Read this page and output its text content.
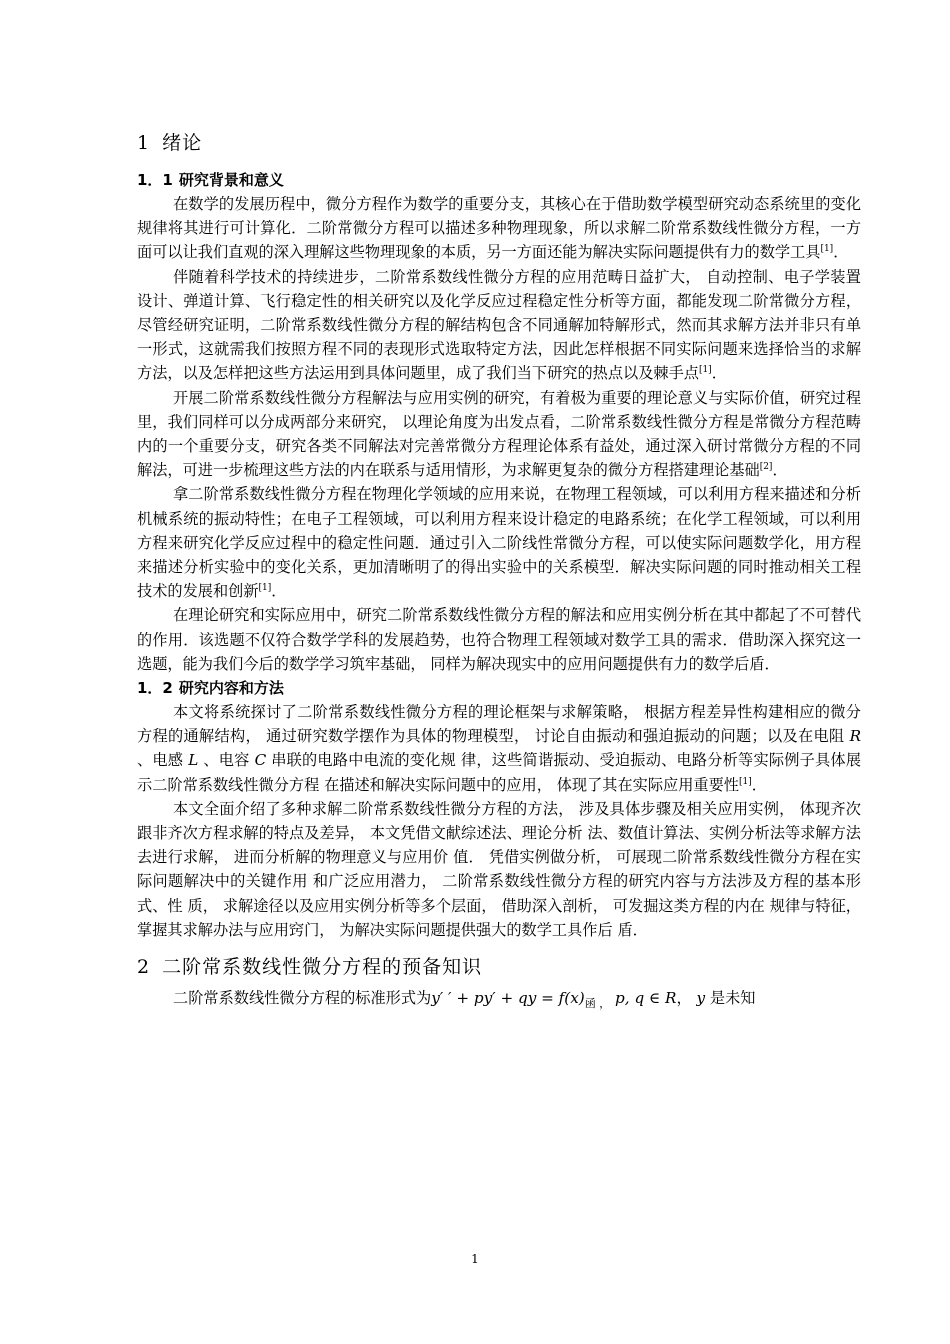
1 绪论
1．1 研究背景和意义

在数学的发展历程中，微分方程作为数学的重要分支，其核心在于借助数学模型研究动态系统里的变化规律将其进行可计算化．二阶常微分方程可以描述多种物理现象，所以求解二阶常系数线性微分方程，一方面可以让我们直观的深入理解这些物理现象的本质，另一方面还能为解决实际问题提供有力的数学工具[1]．

伴随着科学技术的持续进步，二阶常系数线性微分方程的应用范畴日益扩大， 自动控制、电子学装置设计、弹道计算、飞行稳定性的相关研究以及化学反应过程稳定性分析等方面，都能发现二阶常微分方程，尽管经研究证明，二阶常系数线性微分方程的解结构包含不同通解加特解形式，然而其求解方法并非只有单一形式，这就需我们按照方程不同的表现形式选取特定方法，因此怎样根据不同实际问题来选择恰当的求解方法，以及怎样把这些方法运用到具体问题里，成了我们当下研究的热点以及棘手点[1]．

开展二阶常系数线性微分方程解法与应用实例的研究，有着极为重要的理论意义与实际价值，研究过程里，我们同样可以分成两部分来研究， 以理论角度为出发点看，二阶常系数线性微分方程是常微分方程范畴内的一个重要分支，研究各类不同解法对完善常微分方程理论体系有益处，通过深入研讨常微分方程的不同解法，可进一步梳理这些方法的内在联系与适用情形，为求解更复杂的微分方程搭建理论基础[2]．

拿二阶常系数线性微分方程在物理化学领域的应用来说，在物理工程领域，可以利用方程来描述和分析机械系统的振动特性；在电子工程领域，可以利用方程来设计稳定的电路系统；在化学工程领域，可以利用方程来研究化学反应过程中的稳定性问题．通过引入二阶线性常微分方程，可以使实际问题数学化，用方程来描述分析实验中的变化关系，更加清晰明了的得出实验中的关系模型．解决实际问题的同时推动相关工程技术的发展和创新[1]．

在理论研究和实际应用中，研究二阶常系数线性微分方程的解法和应用实例分析在其中都起了不可替代的作用．该选题不仅符合数学学科的发展趋势，也符合物理工程领域对数学工具的需求．借助深入探究这一选题，能为我们今后的数学学习筑牢基础， 同样为解决现实中的应用问题提供有力的数学后盾．

1．2 研究内容和方法

本文将系统探讨了二阶常系数线性微分方程的理论框架与求解策略， 根据方程差异性构建相应的微分方程的通解结构， 通过研究数学摆作为具体的物理模型， 讨论自由振动和强迫振动的问题；以及在电阻 R 、电感 L 、电容 C 串联的电路中电流的变化规 律，这些简谐振动、受迫振动、电路分析等实际例子具体展示二阶常系数线性微分方程 在描述和解决实际问题中的应用， 体现了其在实际应用重要性[1]．

本文全面介绍了多种求解二阶常系数线性微分方程的方法， 涉及具体步骤及相关应用实例， 体现齐次跟非齐次方程求解的特点及差异， 本文凭借文献综述法、理论分析 法、数值计算法、实例分析法等求解方法去进行求解， 进而分析解的物理意义与应用价 值． 凭借实例做分析， 可展现二阶常系数线性微分方程在实际问题解决中的关键作用 和广泛应用潜力， 二阶常系数线性微分方程的研究内容与方法涉及方程的基本形式、性 质， 求解途径以及应用实例分析等多个层面， 借助深入剖析， 可发掘这类方程的内在 规律与特征， 掌握其求解办法与应用窍门， 为解决实际问题提供强大的数学工具作后 盾．

2 二阶常系数线性微分方程的预备知识

二阶常系数线性微分方程的标准形式为y′ ′ + py′ + qy = $f(x)_{函 ,}$ p, q ∈ R， y 是未知

1
